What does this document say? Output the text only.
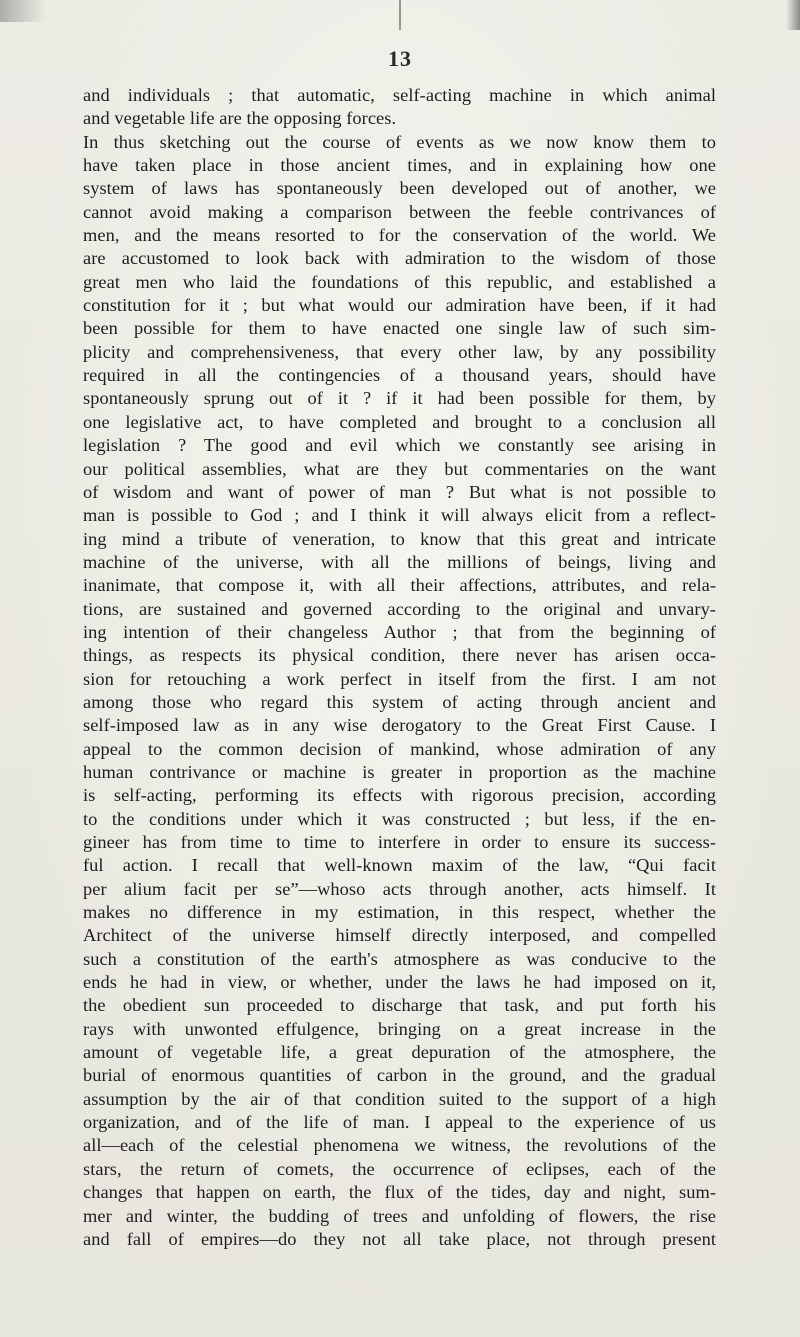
13
and individuals ; that automatic, self-acting machine in which animal
and vegetable life are the opposing forces.
In thus sketching out the course of events as we now know them to
have taken place in those ancient times, and in explaining how one
system of laws has spontaneously been developed out of another, we
cannot avoid making a comparison between the feeble contrivances of
men, and the means resorted to for the conservation of the world. We
are accustomed to look back with admiration to the wisdom of those
great men who laid the foundations of this republic, and established a
constitution for it ; but what would our admiration have been, if it had
been possible for them to have enacted one single law of such sim-
plicity and comprehensiveness, that every other law, by any possibility
required in all the contingencies of a thousand years, should have
spontaneously sprung out of it ? if it had been possible for them, by
one legislative act, to have completed and brought to a conclusion all
legislation ? The good and evil which we constantly see arising in
our political assemblies, what are they but commentaries on the want
of wisdom and want of power of man ? But what is not possible to
man is possible to God ; and I think it will always elicit from a reflect-
ing mind a tribute of veneration, to know that this great and intricate
machine of the universe, with all the millions of beings, living and
inanimate, that compose it, with all their affections, attributes, and rela-
tions, are sustained and governed according to the original and unvary-
ing intention of their changeless Author ; that from the beginning of
things, as respects its physical condition, there never has arisen occa-
sion for retouching a work perfect in itself from the first. I am not
among those who regard this system of acting through ancient and
self-imposed law as in any wise derogatory to the Great First Cause. I
appeal to the common decision of mankind, whose admiration of any
human contrivance or machine is greater in proportion as the machine
is self-acting, performing its effects with rigorous precision, according
to the conditions under which it was constructed ; but less, if the en-
gineer has from time to time to interfere in order to ensure its success-
ful action. I recall that well-known maxim of the law, “Qui facit
per alium facit per se”—whoso acts through another, acts himself. It
makes no difference in my estimation, in this respect, whether the
Architect of the universe himself directly interposed, and compelled
such a constitution of the earth's atmosphere as was conducive to the
ends he had in view, or whether, under the laws he had imposed on it,
the obedient sun proceeded to discharge that task, and put forth his
rays with unwonted effulgence, bringing on a great increase in the
amount of vegetable life, a great depuration of the atmosphere, the
burial of enormous quantities of carbon in the ground, and the gradual
assumption by the air of that condition suited to the support of a high
organization, and of the life of man. I appeal to the experience of us
all—each of the celestial phenomena we witness, the revolutions of the
stars, the return of comets, the occurrence of eclipses, each of the
changes that happen on earth, the flux of the tides, day and night, sum-
mer and winter, the budding of trees and unfolding of flowers, the rise
and fall of empires—do they not all take place, not through present
